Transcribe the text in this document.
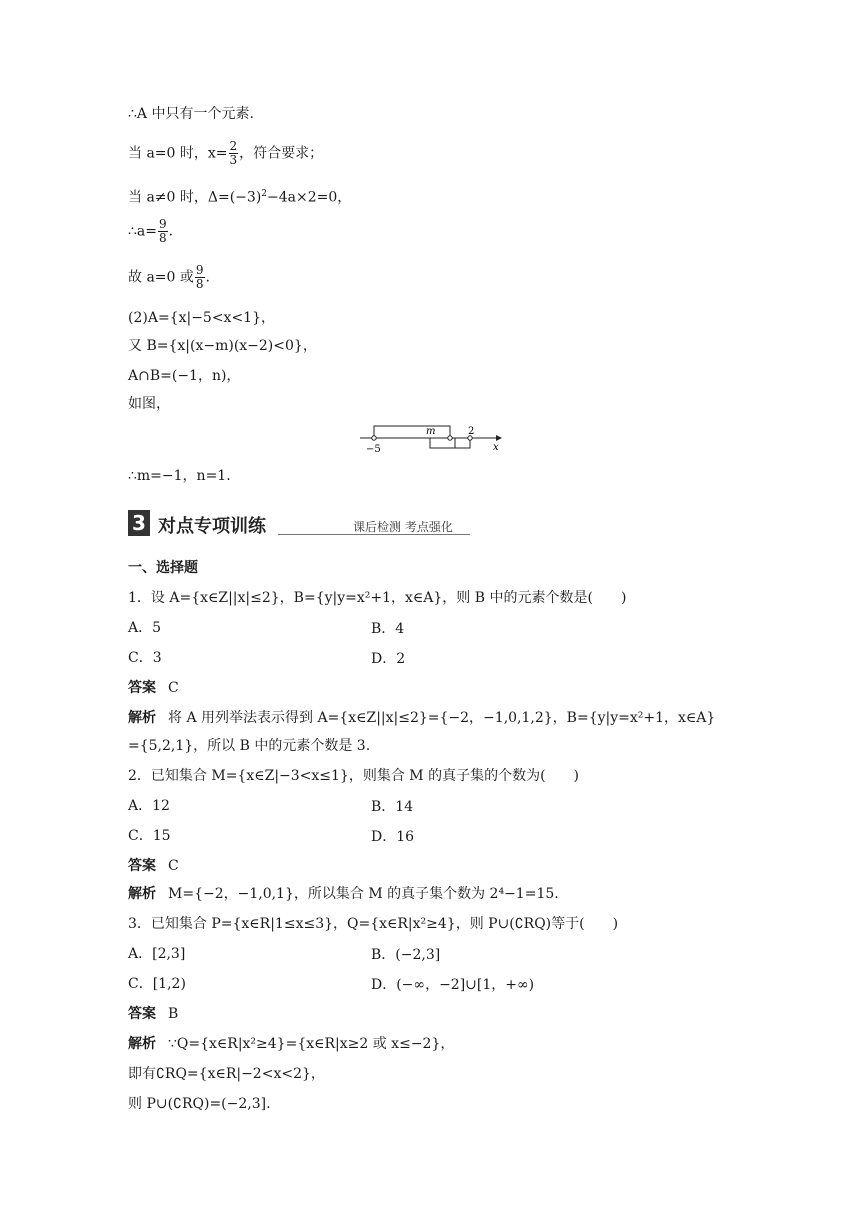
∴A 中只有一个元素.
当 a=0 时，$x= \frac{2}{3}$ ，符合要求；
当 a≠0 时，$\Delta=(-3)^2-4a\times 2=0$，
∴a= $\frac{9}{8}$ .
故 a=0 或 $\frac{9}{8}$ .
(2)A={x|−5<x<1}，
又 B={x|(x−m)(x−2)<0}，
A∩B=(−1，n)，
如图，
m	2
x
−5
∴m=−1，n=1.
3 对点专项训练	课后检测 考点强化
一、选择题
1．设 A={x∈Z||x|≤2}，B={y|y=x²+1，x∈A}，则 B 中的元素个数是(　　)
A．5	B．4
C．3	D．2
答案 C
解析 将 A 用列举法表示得到 A={x∈Z||x|≤2}={−2，−1,0,1,2}，B={y|y=x²+1，x∈A}
={5,2,1}，所以 B 中的元素个数是 3.
2．已知集合 M={x∈Z|−3<x≤1}，则集合 M 的真子集的个数为(　　)
A．12	B．14
C．15	D．16
答案 C
解析 M={−2，−1,0,1}，所以集合 M 的真子集个数为 2⁴−1=15.
3．已知集合 P={x∈R|1≤x≤3}，Q={x∈R|x²≥4}，则 P∪(∁RQ)等于(　　)
A．[2,3]	B．(−2,3]
C．[1,2)	D．(−∞，−2]∪[1，+∞)
答案 B
解析 ∵Q={x∈R|x²≥4}={x∈R|x≥2 或 x≤−2}，
即有∁RQ={x∈R|−2<x<2}，
则 P∪(∁RQ)=(−2,3].
